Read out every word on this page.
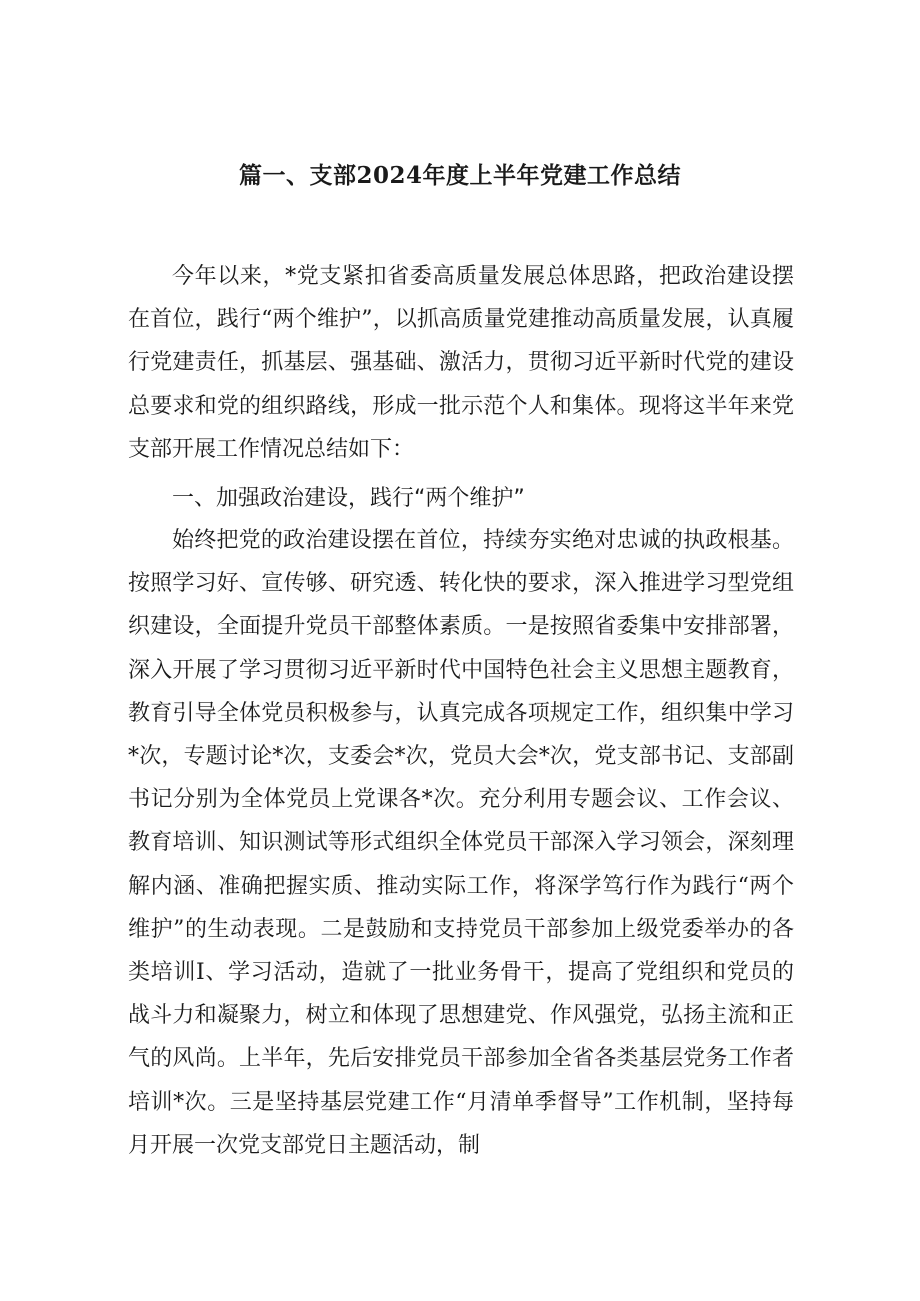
篇一、支部2024年度上半年党建工作总结

今年以来，*党支紧扣省委高质量发展总体思路，把政治建设摆在首位，践行“两个维护”，以抓高质量党建推动高质量发展，认真履行党建责任，抓基层、强基础、激活力，贯彻习近平新时代党的建设总要求和党的组织路线，形成一批示范个人和集体。现将这半年来党支部开展工作情况总结如下：

一、加强政治建设，践行“两个维护”

始终把党的政治建设摆在首位，持续夯实绝对忠诚的执政根基。按照学习好、宣传够、研究透、转化快的要求，深入推进学习型党组织建设，全面提升党员干部整体素质。一是按照省委集中安排部署，深入开展了学习贯彻习近平新时代中国特色社会主义思想主题教育，教育引导全体党员积极参与，认真完成各项规定工作，组织集中学习*次，专题讨论*次，支委会*次，党员大会*次，党支部书记、支部副书记分别为全体党员上党课各*次。充分利用专题会议、工作会议、教育培训、知识测试等形式组织全体党员干部深入学习领会，深刻理解内涵、准确把握实质、推动实际工作，将深学笃行作为践行“两个维护”的生动表现。二是鼓励和支持党员干部参加上级党委举办的各类培训I、学习活动，造就了一批业务骨干，提高了党组织和党员的战斗力和凝聚力，树立和体现了思想建党、作风强党，弘扬主流和正气的风尚。上半年，先后安排党员干部参加全省各类基层党务工作者培训*次。三是坚持基层党建工作“月清单季督导”工作机制，坚持每月开展一次党支部党日主题活动，制
